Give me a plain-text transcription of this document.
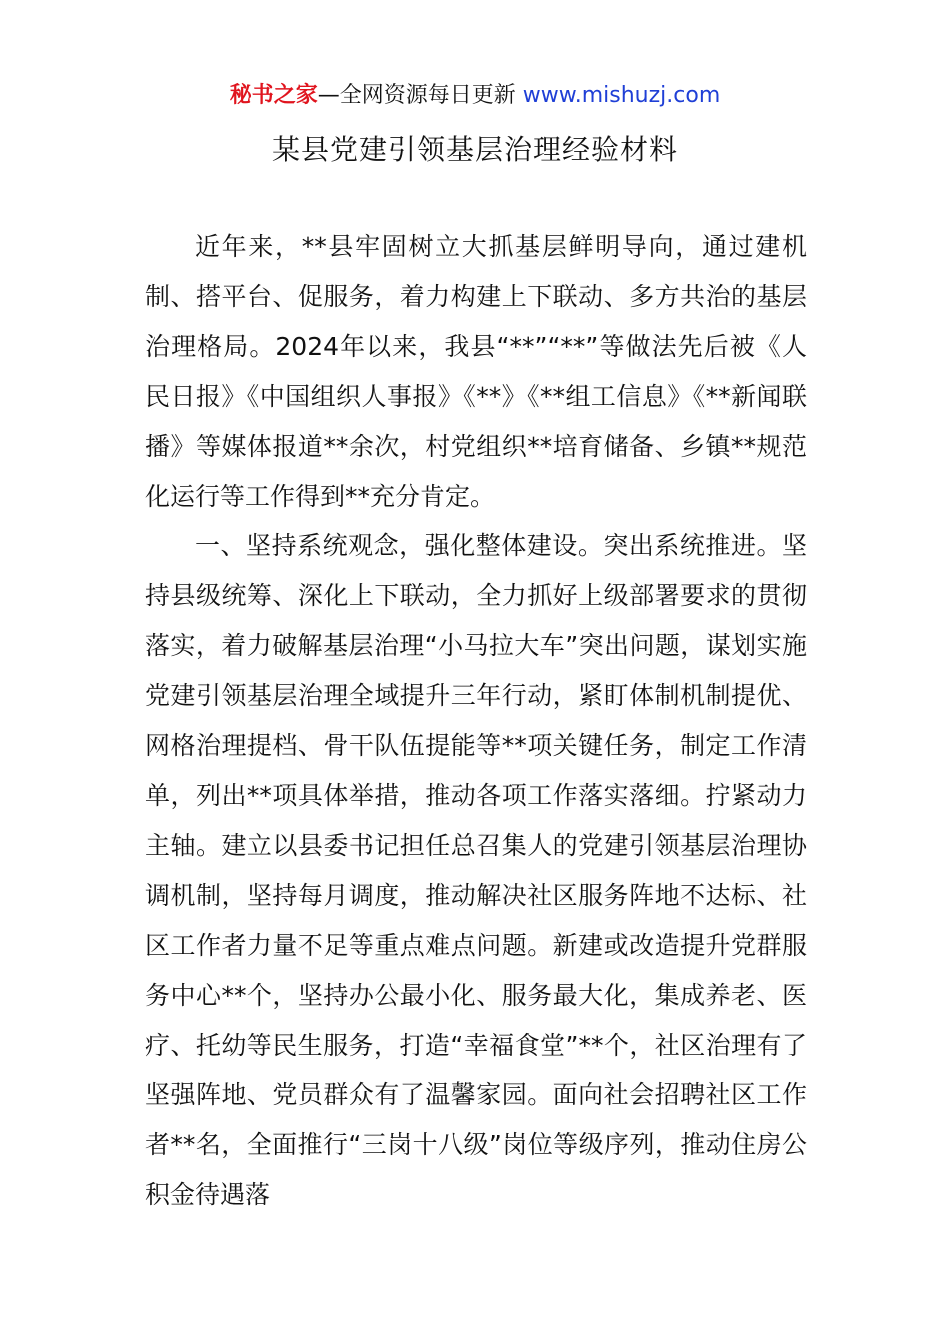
秘书之家—全网资源每日更新 www.mishuzj.com
某县党建引领基层治理经验材料

近年来，**县牢固树立大抓基层鲜明导向，通过建机制、搭平台、促服务，着力构建上下联动、多方共治的基层治理格局。2024年以来，我县“**”“**”等做法先后被《人民日报》《中国组织人事报》《**》《**组工信息》《**新闻联播》等媒体报道**余次，村党组织**培育储备、乡镇**规范化运行等工作得到**充分肯定。

一、坚持系统观念，强化整体建设。突出系统推进。坚持县级统筹、深化上下联动，全力抓好上级部署要求的贯彻落实，着力破解基层治理“小马拉大车”突出问题，谋划实施党建引领基层治理全域提升三年行动，紧盯体制机制提优、网格治理提档、骨干队伍提能等**项关键任务，制定工作清单，列出**项具体举措，推动各项工作落实落细。拧紧动力主轴。建立以县委书记担任总召集人的党建引领基层治理协调机制，坚持每月调度，推动解决社区服务阵地不达标、社区工作者力量不足等重点难点问题。新建或改造提升党群服务中心**个，坚持办公最小化、服务最大化，集成养老、医疗、托幼等民生服务，打造“幸福食堂”**个，社区治理有了坚强阵地、党员群众有了温馨家园。面向社会招聘社区工作者**名，全面推行“三岗十八级”岗位等级序列，推动住房公积金待遇落
